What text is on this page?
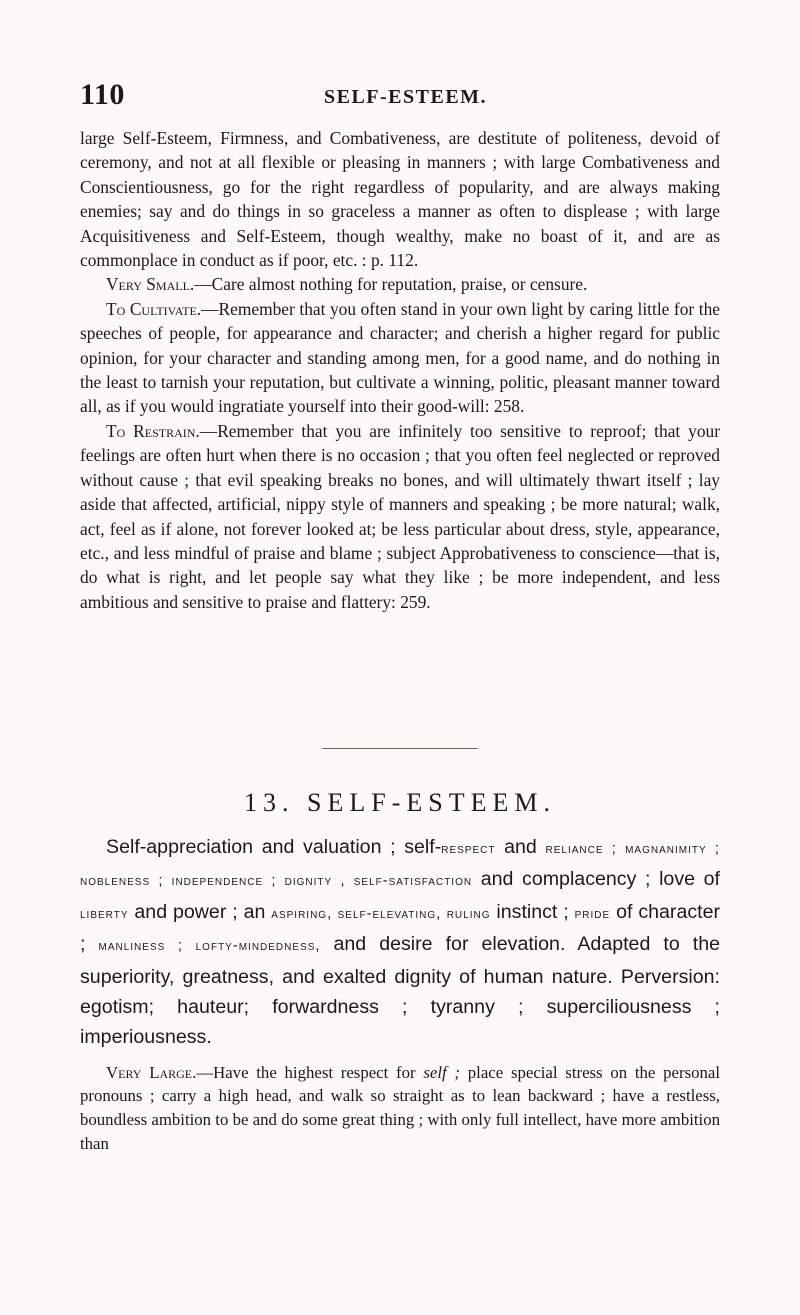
110	SELF-ESTEEM.

large Self-Esteem, Firmness, and Combativeness, are destitute of politeness, devoid of ceremony, and not at all flexible or pleasing in manners ; with large Combativeness and Conscientiousness, go for the right regardless of popularity, and are always making enemies; say and do things in so graceless a manner as often to displease ; with large Acquisitiveness and Self-Esteem, though wealthy, make no boast of it, and are as commonplace in conduct as if poor, etc. : p. 112.

Very Small.—Care almost nothing for reputation, praise, or censure.

To Cultivate.—Remember that you often stand in your own light by caring little for the speeches of people, for appearance and character; and cherish a higher regard for public opinion, for your character and standing among men, for a good name, and do nothing in the least to tarnish your reputation, but cultivate a winning, politic, pleasant manner toward all, as if you would ingratiate yourself into their good-will: 258.

To Restrain.—Remember that you are infinitely too sensitive to reproof; that your feelings are often hurt when there is no occasion ; that you often feel neglected or reproved without cause ; that evil speaking breaks no bones, and will ultimately thwart itself ; lay aside that affected, artificial, nippy style of manners and speaking ; be more natural; walk, act, feel as if alone, not forever looked at; be less particular about dress, style, appearance, etc., and less mindful of praise and blame ; subject Approbativeness to conscience—that is, do what is right, and let people say what they like ; be more independent, and less ambitious and sensitive to praise and flattery: 259.

13. SELF-ESTEEM.

Self-appreciation and valuation ; self-respect and reliance ; magnanimity ; nobleness ; independence ; dignity , self-satisfaction and complacency ; love of liberty and power ; an aspiring, self-elevating, ruling instinct ; pride of character ; manliness ; lofty-mindedness, and desire for elevation. Adapted to the superiority, greatness, and exalted dignity of human nature. Perversion: egotism; hauteur; forwardness ; tyranny ; superciliousness ; imperiousness.

Very Large.—Have the highest respect for self ; place special stress on the personal pronouns ; carry a high head, and walk so straight as to lean backward ; have a restless, boundless ambition to be and do some great thing ; with only full intellect, have more ambition than
